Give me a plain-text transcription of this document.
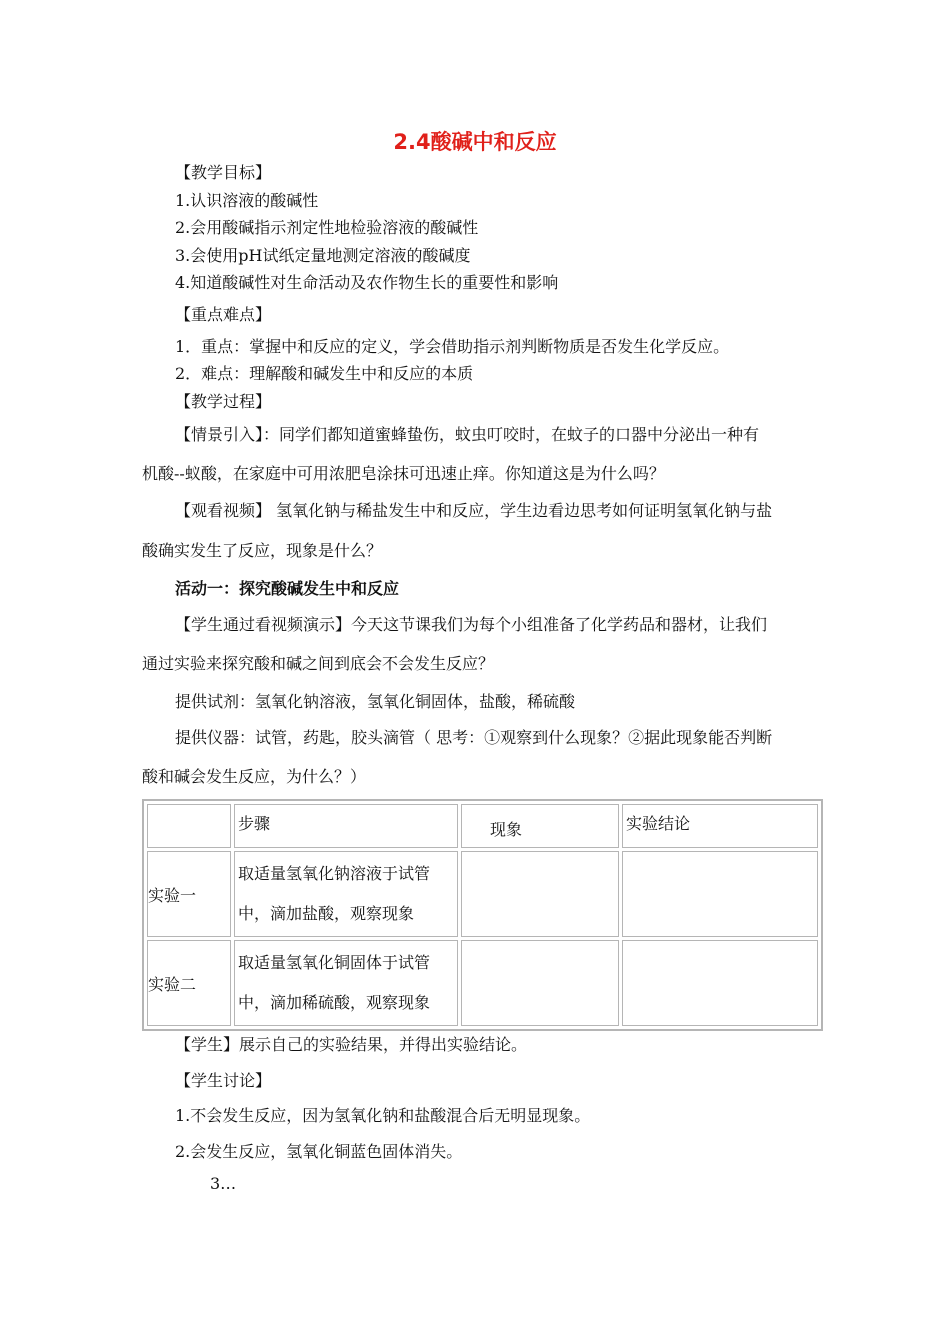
2.4酸碱中和反应
【教学目标】
1.认识溶液的酸碱性
2.会用酸碱指示剂定性地检验溶液的酸碱性
3.会使用pH试纸定量地测定溶液的酸碱度
4.知道酸碱性对生命活动及农作物生长的重要性和影响
【重点难点】
1．重点：掌握中和反应的定义，学会借助指示剂判断物质是否发生化学反应。
2．难点：理解酸和碱发生中和反应的本质
【教学过程】
【情景引入】：同学们都知道蜜蜂蛰伤，蚊虫叮咬时，在蚊子的口器中分泌出一种有
机酸--蚁酸，在家庭中可用浓肥皂涂抹可迅速止痒。你知道这是为什么吗？
【观看视频】 氢氧化钠与稀盐发生中和反应，学生边看边思考如何证明氢氧化钠与盐
酸确实发生了反应，现象是什么？
活动一：探究酸碱发生中和反应
【学生通过看视频演示】今天这节课我们为每个小组准备了化学药品和器材，让我们
通过实验来探究酸和碱之间到底会不会发生反应？
提供试剂：氢氧化钠溶液，氢氧化铜固体，盐酸，稀硫酸
提供仪器：试管，药匙，胶头滴管（ 思考：①观察到什么现象？②据此现象能否判断
酸和碱会发生反应，为什么？）

	步骤	现象	实验结论

实验一	取适量氢氧化钠溶液于试管
中，滴加盐酸，观察现象		

实验二	取适量氢氧化铜固体于试管
中，滴加稀硫酸，观察现象		

【学生】展示自己的实验结果，并得出实验结论。
【学生讨论】
1.不会发生反应，因为氢氧化钠和盐酸混合后无明显现象。
2.会发生反应，氢氧化铜蓝色固体消失。
3…
